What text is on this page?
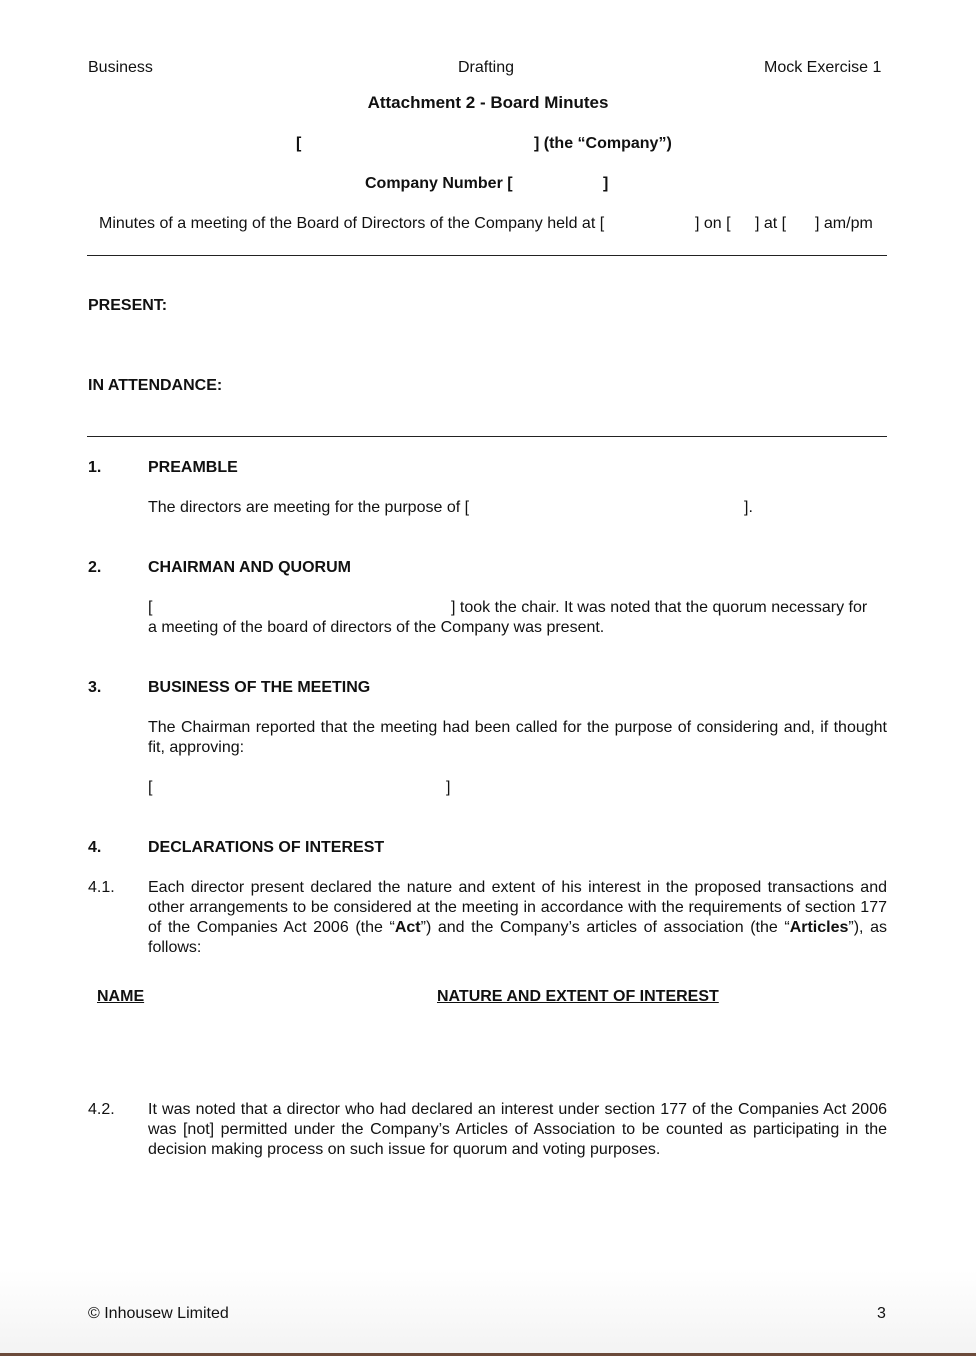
Business	Drafting	Mock Exercise 1
Attachment 2 - Board Minutes
[	] (the “Company”)
Company Number [	]
Minutes of a meeting of the Board of Directors of the Company held at [	] on [ ] at [ ] am/pm
PRESENT:
IN ATTENDANCE:
1.	PREAMBLE
The directors are meeting for the purpose of [	].
2.	CHAIRMAN AND QUORUM
[	] took the chair. It was noted that the quorum necessary for
a meeting of the board of directors of the Company was present.
3.	BUSINESS OF THE MEETING
The Chairman reported that the meeting had been called for the purpose of considering and, if thought fit, approving:
[	]
4.	DECLARATIONS OF INTEREST
4.1. Each director present declared the nature and extent of his interest in the proposed transactions and other arrangements to be considered at the meeting in accordance with the requirements of section 177 of the Companies Act 2006 (the “Act”) and the Company’s articles of association (the “Articles”), as follows:
NAME	NATURE AND EXTENT OF INTEREST
4.2. It was noted that a director who had declared an interest under section 177 of the Companies Act 2006 was [not] permitted under the Company’s Articles of Association to be counted as participating in the decision making process on such issue for quorum and voting purposes.
© Inhousew Limited	3
